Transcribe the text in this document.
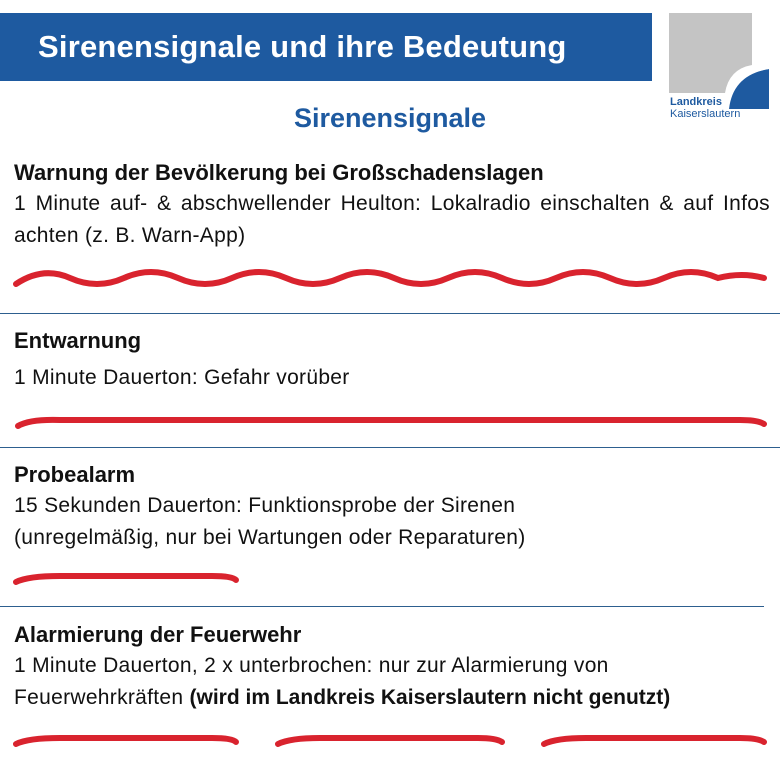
Sirenensignale und ihre Bedeutung
Landkreis
Kaiserslautern
Sirenensignale
Warnung der Bevölkerung bei Großschadenslagen
1 Minute auf- & abschwellender Heulton: Lokalradio einschalten & auf Infos achten (z. B. Warn-App)
Entwarnung
1 Minute Dauerton: Gefahr vorüber
Probealarm
15 Sekunden Dauerton: Funktionsprobe der Sirenen (unregelmäßig, nur bei Wartungen oder Reparaturen)
Alarmierung der Feuerwehr
1 Minute Dauerton, 2 x unterbrochen: nur zur Alarmierung von Feuerwehrkräften (wird im Landkreis Kaiserslautern nicht genutzt)
